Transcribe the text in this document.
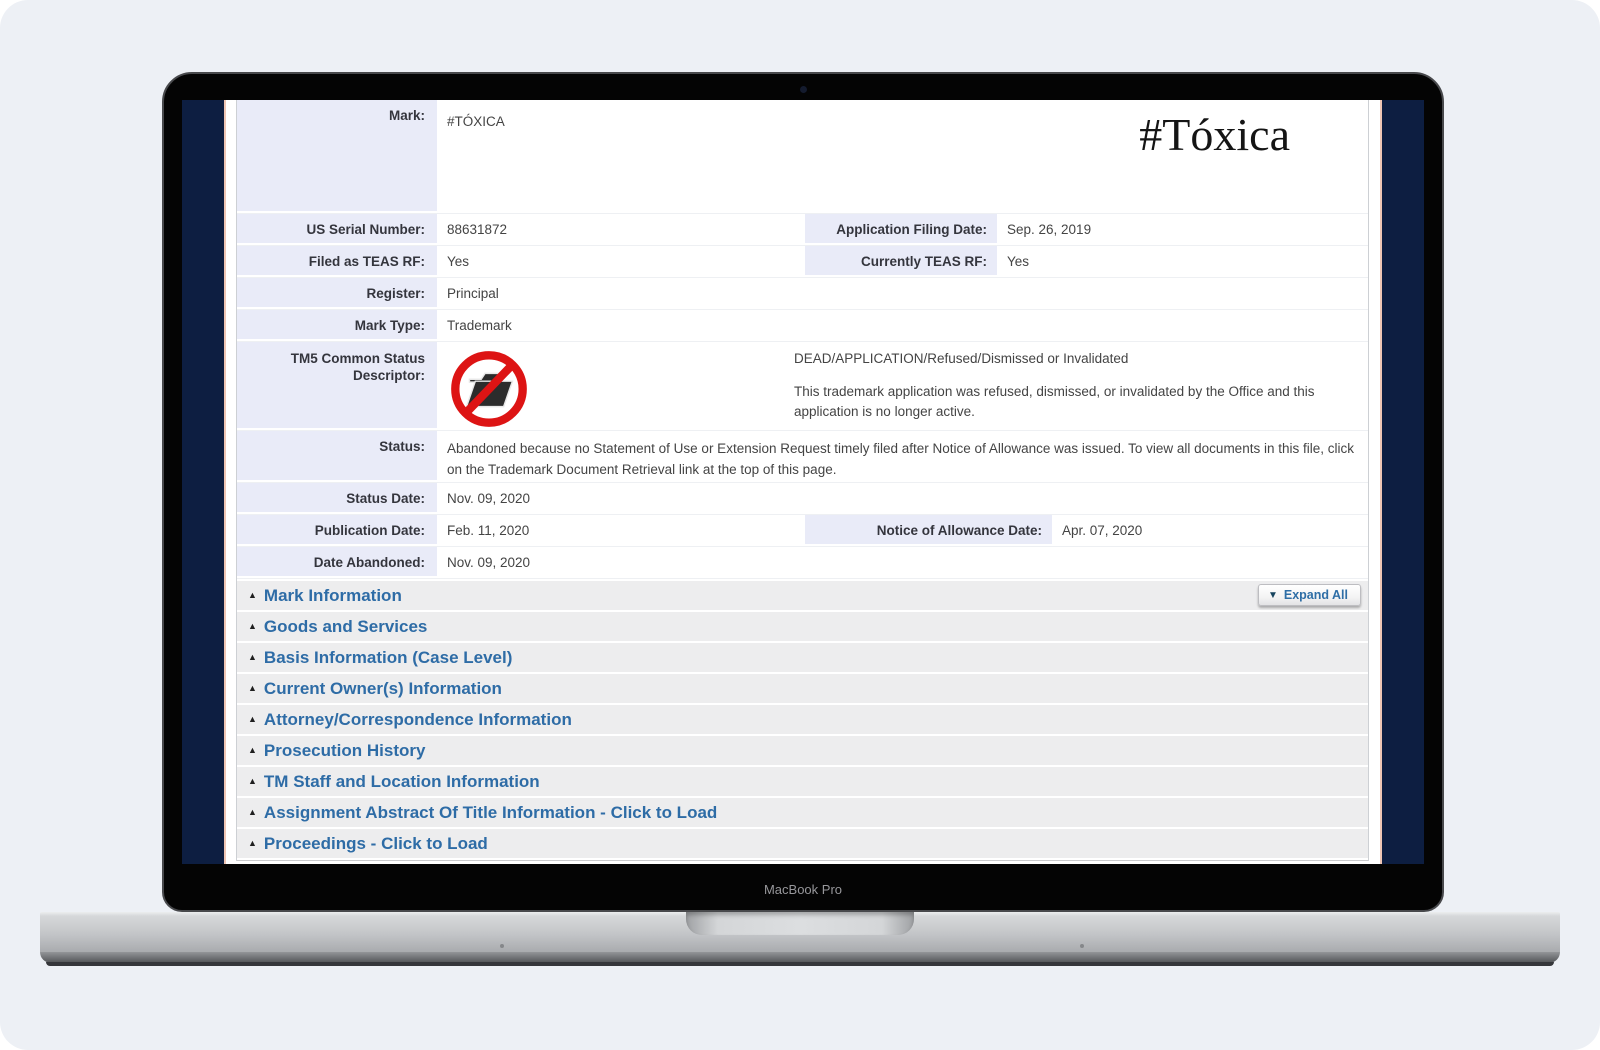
Mark:	#TÓXICA	#Tóxica
US Serial Number:	88631872	Application Filing Date:	Sep. 26, 2019
Filed as TEAS RF:	Yes	Currently TEAS RF:	Yes
Register:	Principal
Mark Type:	Trademark
TM5 Common Status
Descriptor:
DEAD/APPLICATION/Refused/Dismissed or Invalidated
This trademark application was refused, dismissed, or invalidated by the Office and this application is no longer active.
Status:	Abandoned because no Statement of Use or Extension Request timely filed after Notice of Allowance was issued. To view all documents in this file, click on the Trademark Document Retrieval link at the top of this page.
Status Date:	Nov. 09, 2020
Publication Date:	Feb. 11, 2020	Notice of Allowance Date:	Apr. 07, 2020
Date Abandoned:	Nov. 09, 2020
▲ Mark Information	▼ Expand All
▲ Goods and Services
▲ Basis Information (Case Level)
▲ Current Owner(s) Information
▲ Attorney/Correspondence Information
▲ Prosecution History
▲ TM Staff and Location Information
▲ Assignment Abstract Of Title Information - Click to Load
▲ Proceedings - Click to Load
MacBook Pro
